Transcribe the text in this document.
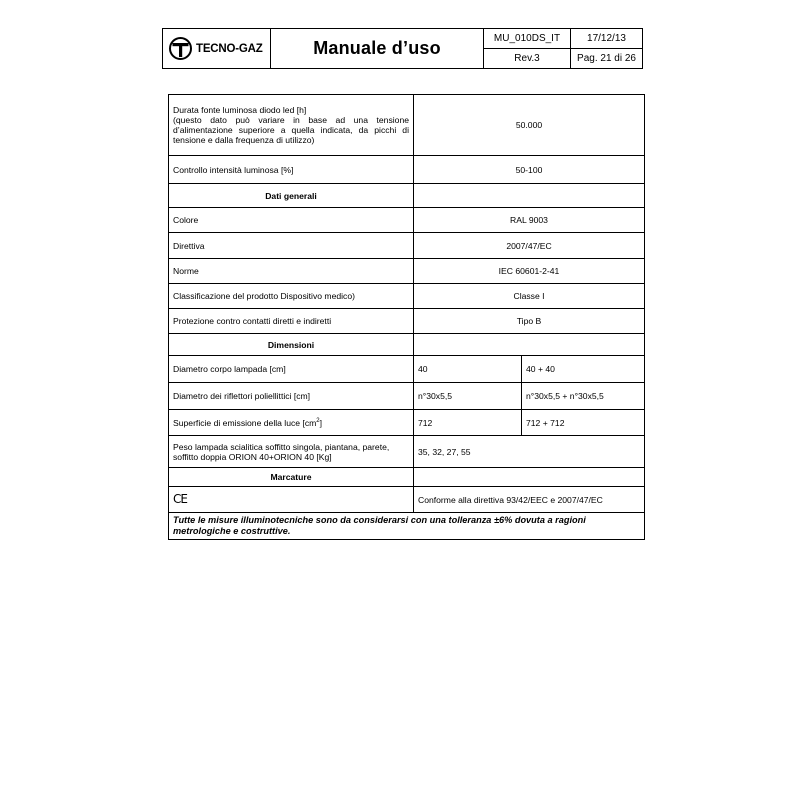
TECNO-GAZ	Manuale d’uso	MU_010DS_IT	17/12/13
		Rev.3	Pag. 21 di 26
Durata fonte luminosa diodo led [h]
(questo dato può variare in base ad una tensione d’alimentazione superiore a quella indicata, da picchi di tensione e dalla frequenza di utilizzo)	50.000	
Controllo intensità luminosa [%]	50-100	
Dati generali		
Colore	RAL 9003	
Direttiva	2007/47/EC	
Norme	IEC 60601-2-41	
Classificazione del prodotto Dispositivo medico)	Classe I	
Protezione contro contatti diretti e indiretti	Tipo B	
Dimensioni		
Diametro corpo lampada [cm]	40	40 + 40
Diametro dei riflettori poliellittici [cm]	n°30x5,5	n°30x5,5 + n°30x5,5
Superficie di emissione della luce $[cm^2]$	712	712 + 712
Peso lampada scialitica soffitto singola, piantana, parete, soffitto doppia ORION 40+ORION 40 [Kg]	35, 32, 27, 55	
Marcature		
CE	Conforme alla direttiva 93/42/EEC e 2007/47/EC	
Tutte le misure illuminotecniche sono da considerarsi con una tolleranza ±6% dovuta a ragioni metrologiche e costruttive.		
